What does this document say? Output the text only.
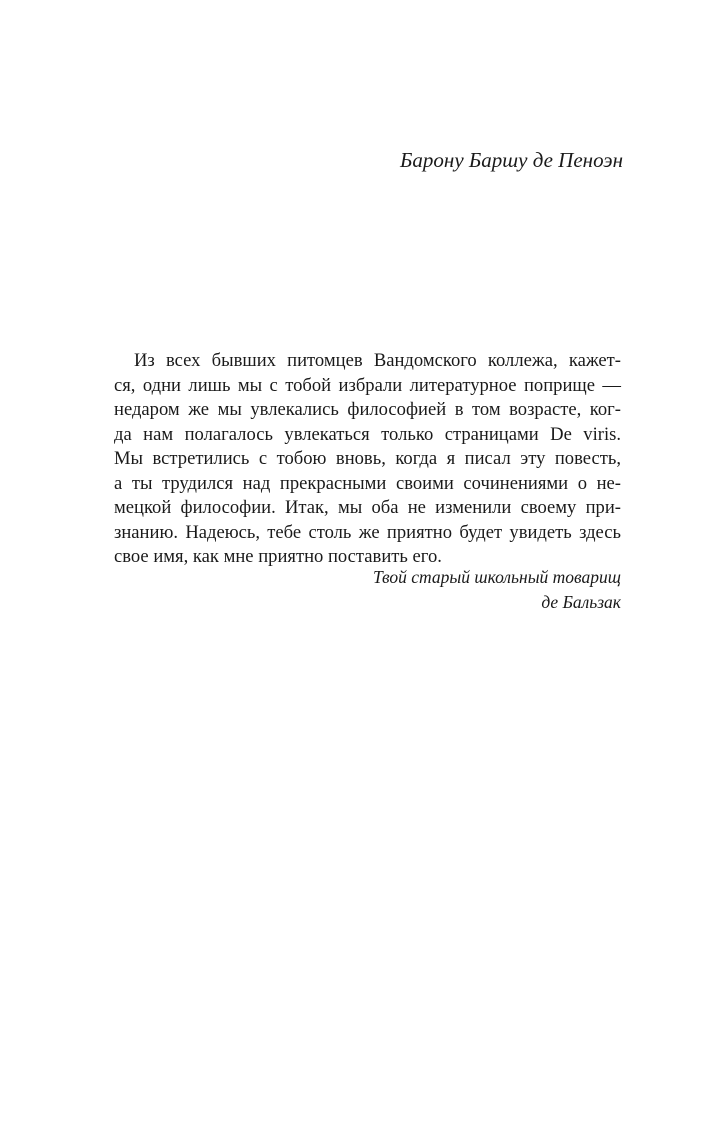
Барону Баршу де Пеноэн
Из всех бывших питомцев Вандомского коллежа, кажет-
ся, одни лишь мы с тобой избрали литературное поприще —
недаром же мы увлекались философией в том возрасте, ког-
да нам полагалось увлекаться только страницами De viris.
Мы встретились с тобою вновь, когда я писал эту повесть,
а ты трудился над прекрасными своими сочинениями о не-
мецкой философии. Итак, мы оба не изменили своему при-
знанию. Надеюсь, тебе столь же приятно будет увидеть здесь
свое имя, как мне приятно поставить его.
Твой старый школьный товарищ
де Бальзак
